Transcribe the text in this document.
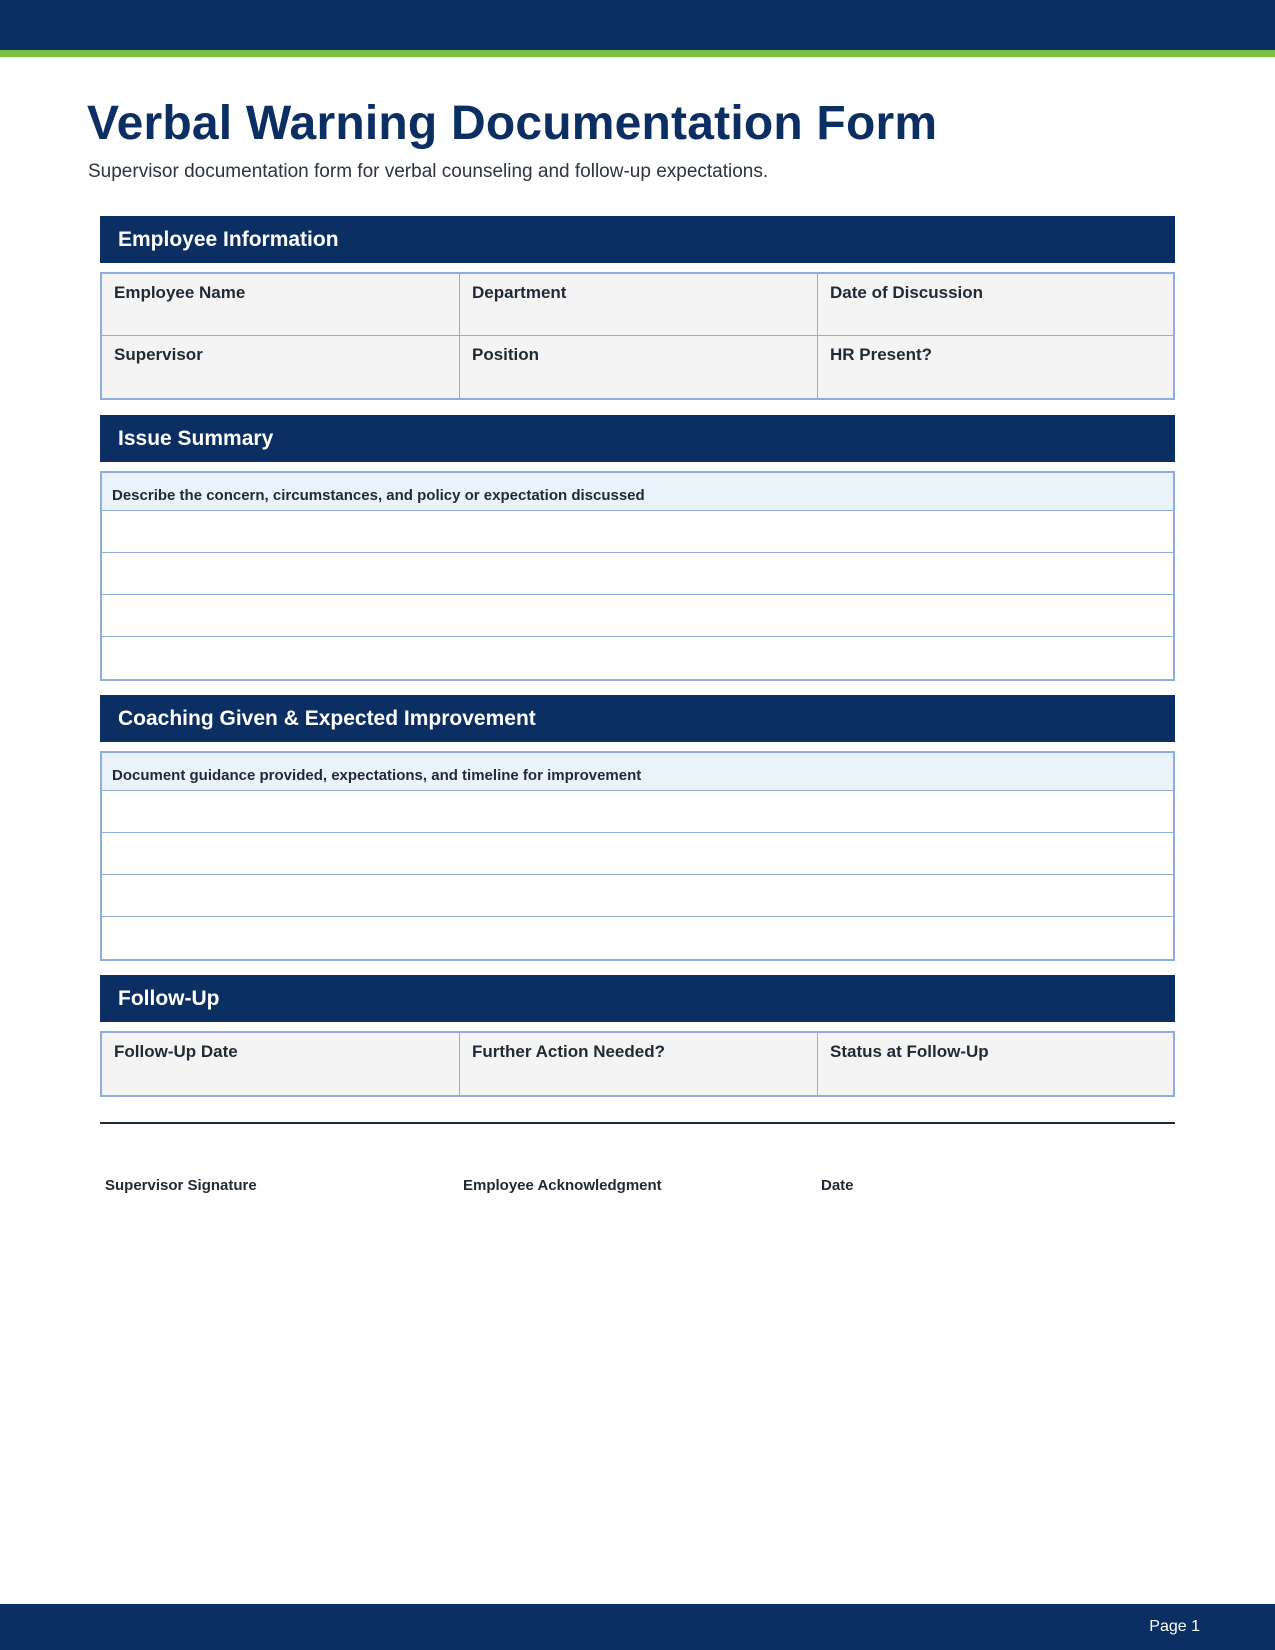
Verbal Warning Documentation Form

Supervisor documentation form for verbal counseling and follow-up expectations.

Employee Information
Employee Name	Department	Date of Discussion
Supervisor	Position	HR Present?
Issue Summary
Describe the concern, circumstances, and policy or expectation discussed
Coaching Given & Expected Improvement
Document guidance provided, expectations, and timeline for improvement
Follow-Up
Follow-Up Date	Further Action Needed?	Status at Follow-Up
Supervisor Signature	Employee Acknowledgment	Date
Page 1
